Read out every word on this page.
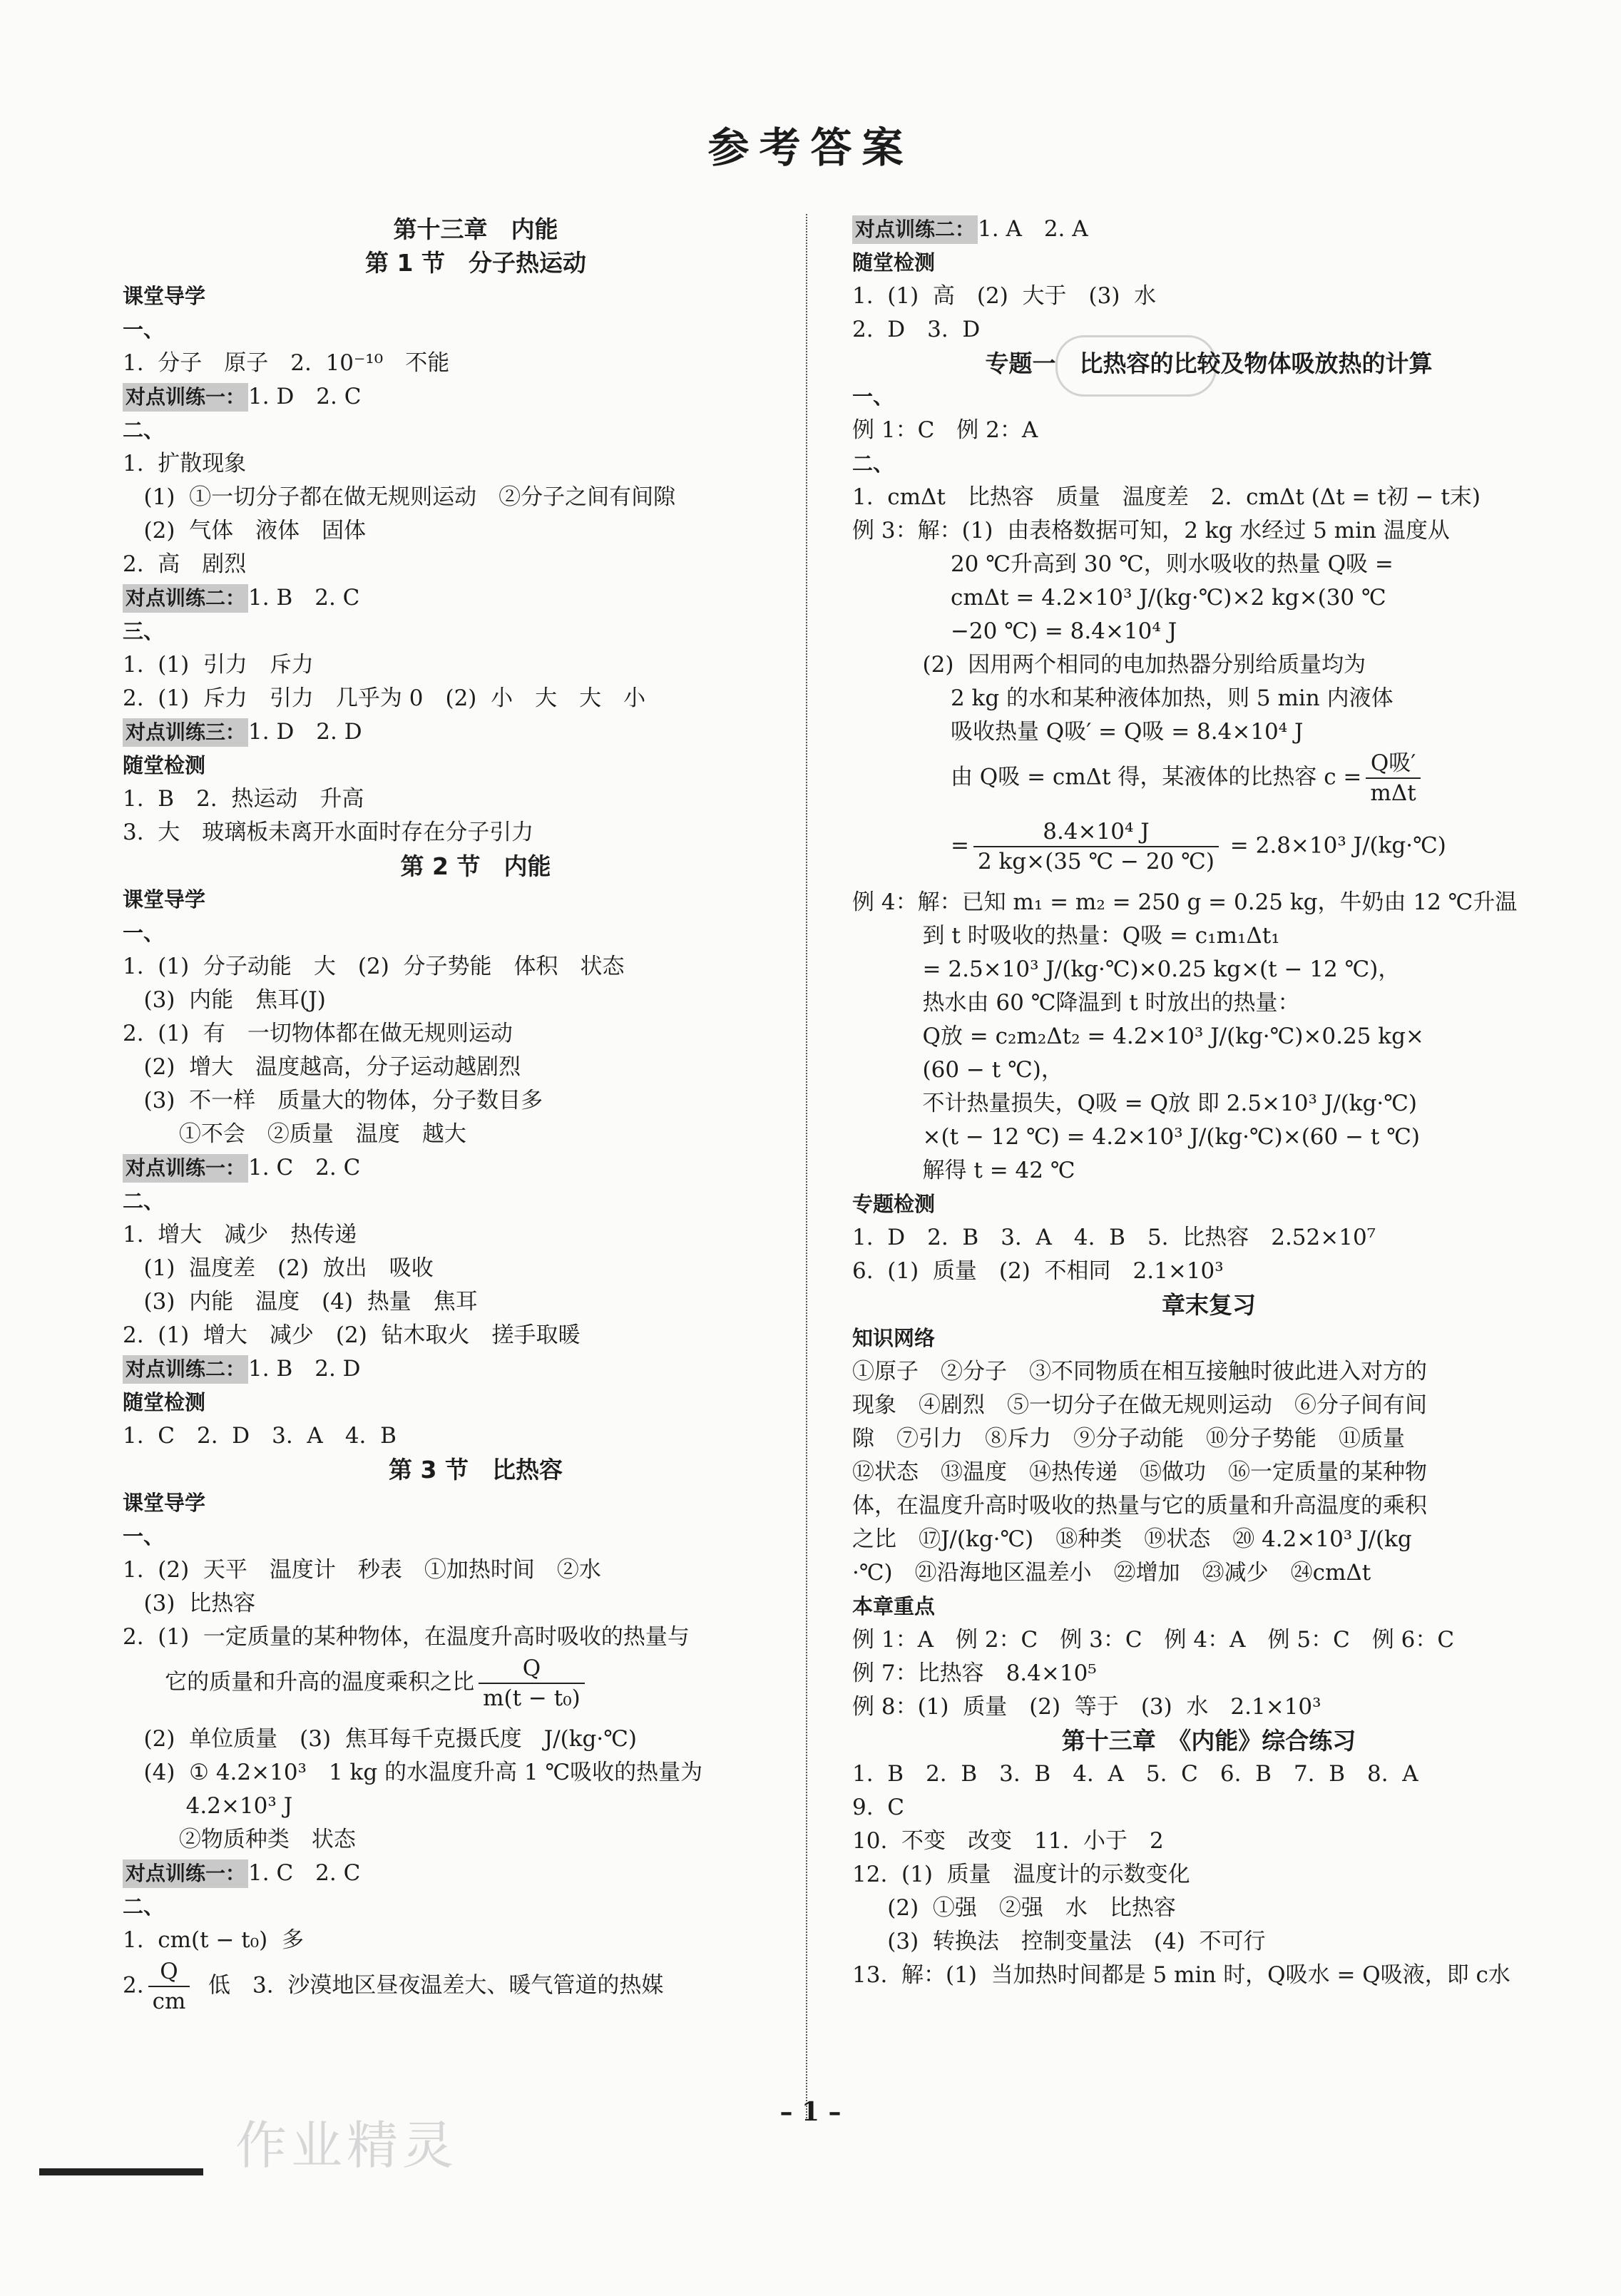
参考答案
第十三章　内能
第 1 节　分子热运动
课堂导学
一、
1.  分子　原子　2.  10⁻¹⁰　不能
对点训练一： 1. D　2. C
二、
1.  扩散现象
(1)  ①一切分子都在做无规则运动　②分子之间有间隙
(2)  气体　液体　固体
2.  高　剧烈
对点训练二： 1. B　2. C
三、
1.  (1)  引力　斥力
2.  (1)  斥力　引力　几乎为 0　(2)  小　大　大　小
对点训练三： 1. D　2. D
随堂检测
1.  B　2.  热运动　升高
3.  大　玻璃板未离开水面时存在分子引力
第 2 节　内能
课堂导学
一、
1.  (1)  分子动能　大　(2)  分子势能　体积　状态
(3)  内能　焦耳(J)
2.  (1)  有　一切物体都在做无规则运动
(2)  增大　温度越高，分子运动越剧烈
(3)  不一样　质量大的物体，分子数目多
①不会　②质量　温度　越大
对点训练一： 1. C　2. C
二、
1.  增大　减少　热传递
(1)  温度差　(2)  放出　吸收
(3)  内能　温度　(4)  热量　焦耳
2.  (1)  增大　减少　(2)  钻木取火　搓手取暖
对点训练二： 1. B　2. D
随堂检测
1.  C　2.  D　3.  A　4.  B
第 3 节　比热容
课堂导学
一、
1.  (2)  天平　温度计　秒表　①加热时间　②水
(3)  比热容
2.  (1)  一定质量的某种物体，在温度升高时吸收的热量与
它的质量和升高的温度乘积之比 $\frac{Q}{\text{m(t − t₀)}}$
(2)  单位质量　(3)  焦耳每千克摄氏度　J/(kg·℃)
(4)  ① 4.2×10³　1 kg 的水温度升高 1 ℃吸收的热量为
4.2×10³ J
②物质种类　状态
对点训练一： 1. C　2. C
二、
1.  cm(t − t₀)  多
2. $\frac{Q}{cm}$ 低　3.  沙漠地区昼夜温差大、暖气管道的热媒
对点训练二： 1. A　2. A
随堂检测
1.  (1)  高　(2)  大于　(3)  水
2.  D　3.  D
专题一　比热容的比较及物体吸放热的计算
一、
例 1：C　例 2：A
二、
1.  cmΔt　比热容　质量　温度差　2.  cmΔt (Δt = t初 − t末)
例 3：解：(1)  由表格数据可知，2 kg 水经过 5 min 温度从
20 ℃升高到 30 ℃，则水吸收的热量 Q吸 =
cmΔt = 4.2×10³ J/(kg·℃)×2 kg×(30 ℃
−20 ℃) = 8.4×10⁴ J
(2)  因用两个相同的电加热器分别给质量均为
2 kg 的水和某种液体加热，则 5 min 内液体
吸收热量 Q吸′ = Q吸 = 8.4×10⁴ J
由 Q吸 = cmΔt 得，某液体的比热容 $c = \frac{\text{Q吸′}}{\text{mΔt}}$
= $\frac{\text{8.4×10⁴ J}}{2 kg\times(35 ℃ - 20 ℃)} = 2.8\times 10^3$ J/(kg·℃)
例 4：解：已知 m₁ = m₂ = 250 g = 0.25 kg，牛奶由 12 ℃升温
到 t 时吸收的热量：Q吸 = c₁m₁Δt₁
= 2.5×10³ J/(kg·℃)×0.25 kg×(t − 12 ℃)，
热水由 60 ℃降温到 t 时放出的热量：
Q放 = c₂m₂Δt₂ = 4.2×10³ J/(kg·℃)×0.25 kg×
(60 − t ℃)，
不计热量损失，Q吸 = Q放 即 2.5×10³ J/(kg·℃)
×(t − 12 ℃) = 4.2×10³ J/(kg·℃)×(60 − t ℃)
解得 t = 42 ℃
专题检测
1.  D　2.  B　3.  A　4.  B　5.  比热容　2.52×10⁷
6.  (1)  质量　(2)  不相同　2.1×10³
章末复习
知识网络
①原子　②分子　③不同物质在相互接触时彼此进入对方的
现象　④剧烈　⑤一切分子在做无规则运动　⑥分子间有间
隙　⑦引力　⑧斥力　⑨分子动能　⑩分子势能　⑪质量
⑫状态　⑬温度　⑭热传递　⑮做功　⑯一定质量的某种物
体，在温度升高时吸收的热量与它的质量和升高温度的乘积
之比　⑰J/(kg·℃)　⑱种类　⑲状态　⑳ 4.2×10³ J/(kg
·℃)　㉑沿海地区温差小　㉒增加　㉓减少　㉔cmΔt
本章重点
例 1：A　例 2：C　例 3：C　例 4：A　例 5：C　例 6：C
例 7：比热容　8.4×10⁵
例 8：(1)  质量　(2)  等于　(3)  水　2.1×10³
第十三章　《内能》综合练习
1.  B　2.  B　3.  B　4.  A　5.  C　6.  B　7.  B　8.  A
9.  C
10.  不变　改变　11.  小于　2
12.  (1)  质量　温度计的示数变化
(2)  ①强　②强　水　比热容
(3)  转换法　控制变量法　(4)  不可行
13.  解：(1)  当加热时间都是 5 min 时，Q吸水 = Q吸液，即 c水
作业精灵
– 1 –
